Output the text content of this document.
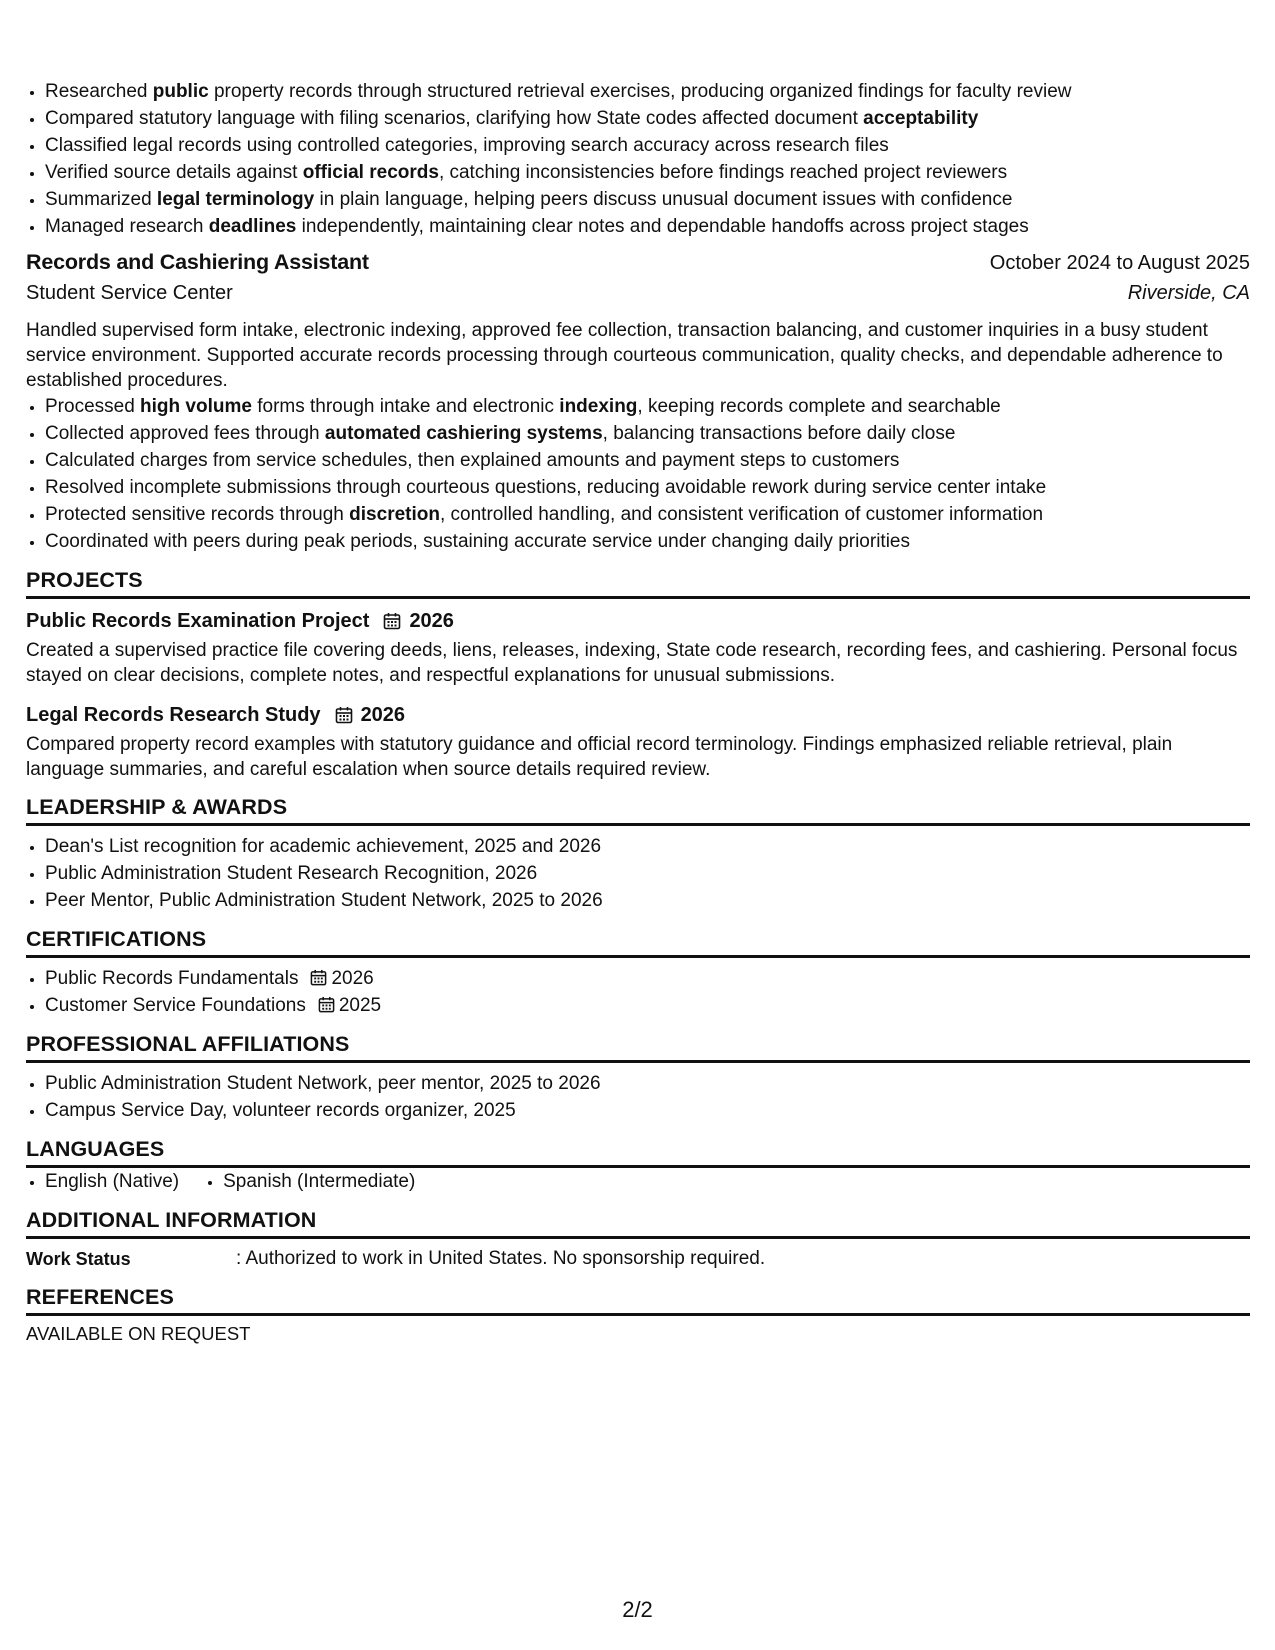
• Researched public property records through structured retrieval exercises, producing organized findings for faculty review
• Compared statutory language with filing scenarios, clarifying how State codes affected document acceptability
• Classified legal records using controlled categories, improving search accuracy across research files
• Verified source details against official records, catching inconsistencies before findings reached project reviewers
• Summarized legal terminology in plain language, helping peers discuss unusual document issues with confidence
• Managed research deadlines independently, maintaining clear notes and dependable handoffs across project stages
Records and Cashiering Assistant	October 2024 to August 2025
Student Service Center	Riverside, CA

Handled supervised form intake, electronic indexing, approved fee collection, transaction balancing, and customer inquiries in a busy student service environment. Supported accurate records processing through courteous communication, quality checks, and dependable adherence to established procedures.

• Processed high volume forms through intake and electronic indexing, keeping records complete and searchable
• Collected approved fees through automated cashiering systems, balancing transactions before daily close
• Calculated charges from service schedules, then explained amounts and payment steps to customers
• Resolved incomplete submissions through courteous questions, reducing avoidable rework during service center intake
• Protected sensitive records through discretion, controlled handling, and consistent verification of customer information
• Coordinated with peers during peak periods, sustaining accurate service under changing daily priorities
PROJECTS
Public Records Examination Project 2026

Created a supervised practice file covering deeds, liens, releases, indexing, State code research, recording fees, and cashiering. Personal focus stayed on clear decisions, complete notes, and respectful explanations for unusual submissions.

Legal Records Research Study 2026

Compared property record examples with statutory guidance and official record terminology. Findings emphasized reliable retrieval, plain language summaries, and careful escalation when source details required review.

LEADERSHIP & AWARDS
• Dean's List recognition for academic achievement, 2025 and 2026
• Public Administration Student Research Recognition, 2026
• Peer Mentor, Public Administration Student Network, 2025 to 2026
CERTIFICATIONS
• Public Records Fundamentals 2026
• Customer Service Foundations 2025
PROFESSIONAL AFFILIATIONS
• Public Administration Student Network, peer mentor, 2025 to 2026
• Campus Service Day, volunteer records organizer, 2025
LANGUAGES
• English (Native)
• Spanish (Intermediate)
ADDITIONAL INFORMATION
Work Status	: Authorized to work in United States. No sponsorship required.
REFERENCES
AVAILABLE ON REQUEST
2/2
